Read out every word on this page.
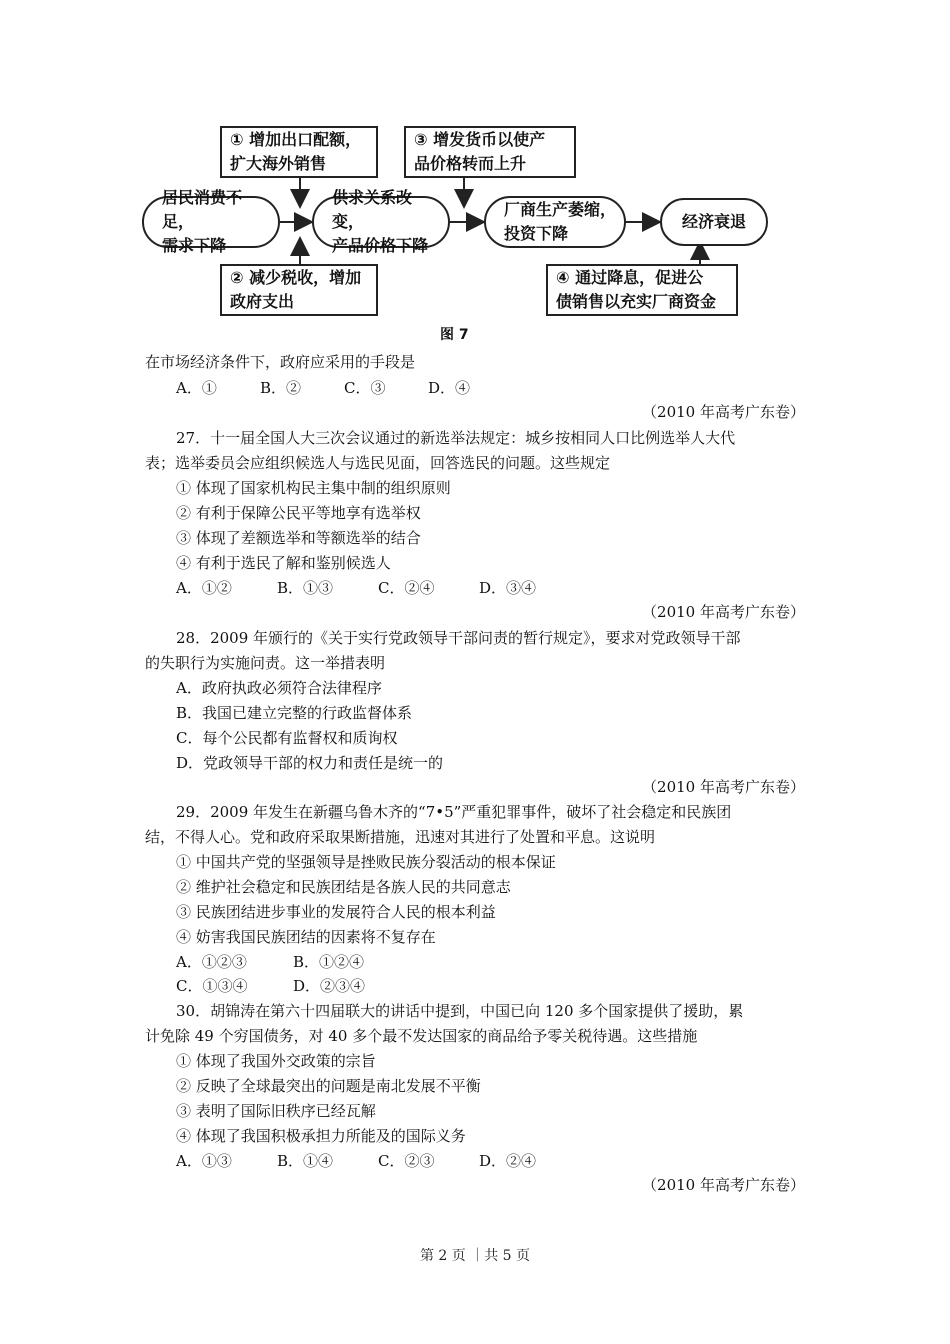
① 增加出口配额，
扩大海外销售
② 减少税收，增加
政府支出
③ 增发货币以使产
品价格转而上升
④ 通过降息，促进公
债销售以充实厂商资金
居民消费不足，
需求下降
供求关系改变，
产品价格下降
厂商生产萎缩，
投资下降
经济衰退
图 7
在市场经济条件下，政府应采用的手段是
A．①	B．②	C．③	D．④
（2010 年高考广东卷）
27．十一届全国人大三次会议通过的新选举法规定：城乡按相同人口比例选举人大代
表；选举委员会应组织候选人与选民见面，回答选民的问题。这些规定
① 体现了国家机构民主集中制的组织原则
② 有利于保障公民平等地享有选举权
③ 体现了差额选举和等额选举的结合
④ 有利于选民了解和鉴别候选人
A．①②	B．①③	C．②④	D．③④
（2010 年高考广东卷）
28．2009 年颁行的《关于实行党政领导干部问责的暂行规定》，要求对党政领导干部
的失职行为实施问责。这一举措表明
A．政府执政必须符合法律程序
B．我国已建立完整的行政监督体系
C．每个公民都有监督权和质询权
D．党政领导干部的权力和责任是统一的
（2010 年高考广东卷）
29．2009 年发生在新疆乌鲁木齐的“7•5”严重犯罪事件，破坏了社会稳定和民族团
结，不得人心。党和政府采取果断措施，迅速对其进行了处置和平息。这说明
① 中国共产党的坚强领导是挫败民族分裂活动的根本保证
② 维护社会稳定和民族团结是各族人民的共同意志
③ 民族团结进步事业的发展符合人民的根本利益
④ 妨害我国民族团结的因素将不复存在
A．①②③	B．①②④
C．①③④	D．②③④
30．胡锦涛在第六十四届联大的讲话中提到，中国已向 120 多个国家提供了援助，累
计免除 49 个穷国债务，对 40 多个最不发达国家的商品给予零关税待遇。这些措施
① 体现了我国外交政策的宗旨
② 反映了全球最突出的问题是南北发展不平衡
③ 表明了国际旧秩序已经瓦解
④ 体现了我国积极承担力所能及的国际义务
A．①③	B．①④	C．②③	D．②④
（2010 年高考广东卷）
第 2 页 ｜共 5 页
